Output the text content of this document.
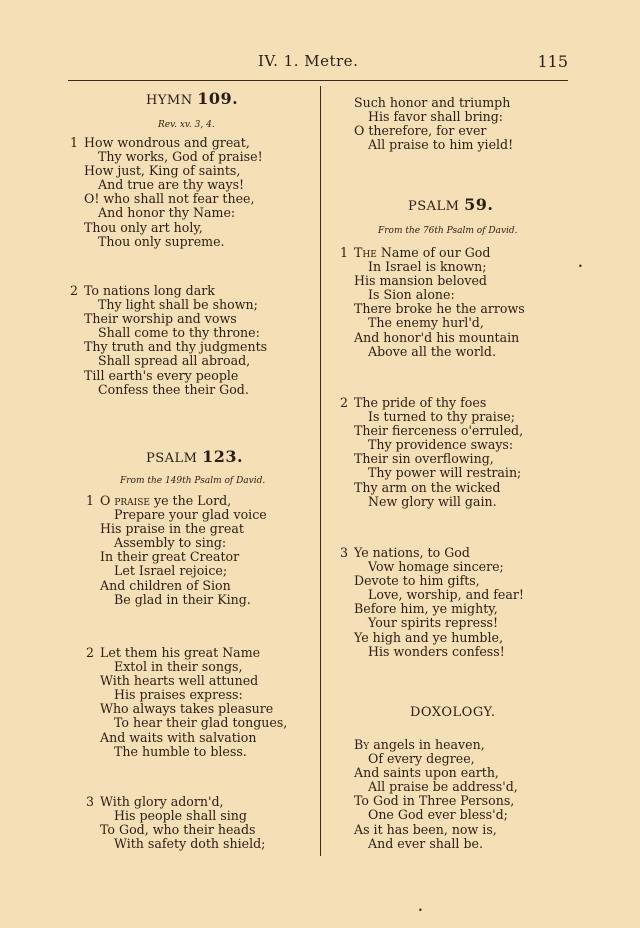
IV. 1. Metre.	115
HYMN 109.
Rev. xv. 3, 4.
1 How wondrous and great,
Thy works, God of praise!
How just, King of saints,
And true are thy ways!
O! who shall not fear thee,
And honor thy Name:
Thou only art holy,
Thou only supreme.
2 To nations long dark
Thy light shall be shown;
Their worship and vows
Shall come to thy throne:
Thy truth and thy judgments
Shall spread all abroad,
Till earth's every people
Confess thee their God.
PSALM 123.
From the 149th Psalm of David.
1 O praise ye the Lord,
Prepare your glad voice
His praise in the great
Assembly to sing:
In their great Creator
Let Israel rejoice;
And children of Sion
Be glad in their King.
2 Let them his great Name
Extol in their songs,
With hearts well attuned
His praises express:
Who always takes pleasure
To hear their glad tongues,
And waits with salvation
The humble to bless.
3 With glory adorn'd,
His people shall sing
To God, who their heads
With safety doth shield;
Such honor and triumph
His favor shall bring:
O therefore, for ever
All praise to him yield!
PSALM 59.
From the 76th Psalm of David.
1 The Name of our God
In Israel is known;
His mansion beloved
Is Sion alone:
There broke he the arrows
The enemy hurl'd,
And honor'd his mountain
Above all the world.
2 The pride of thy foes
Is turned to thy praise;
Their fierceness o'erruled,
Thy providence sways:
Their sin overflowing,
Thy power will restrain;
Thy arm on the wicked
New glory will gain.
3 Ye nations, to God
Vow homage sincere;
Devote to him gifts,
Love, worship, and fear!
Before him, ye mighty,
Your spirits repress!
Ye high and ye humble,
His wonders confess!
DOXOLOGY.
By angels in heaven,
Of every degree,
And saints upon earth,
All praise be address'd,
To God in Three Persons,
One God ever bless'd;
As it has been, now is,
And ever shall be.
•
•
